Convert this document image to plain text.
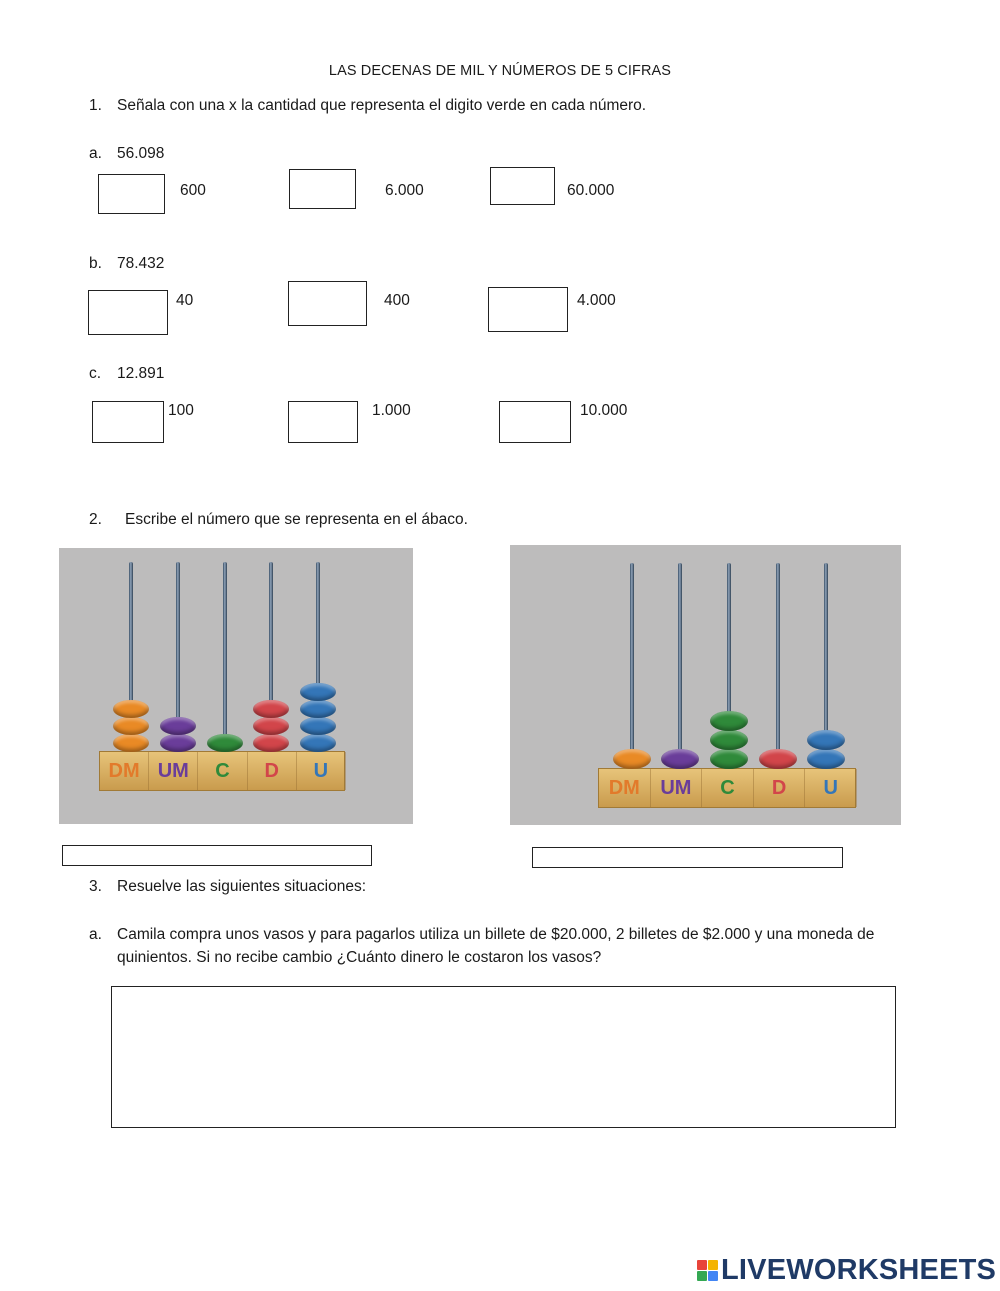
LAS DECENAS DE MIL Y NÚMEROS DE 5 CIFRAS
1. Señala con una x la cantidad que representa el digito verde en cada número.
a. 56.098
600	6.000	60.000
b. 78.432
40	400	4.000
c. 12.891
100	1.000	10.000
2. Escribe el número que se representa en el ábaco.
DM UM	C	D	U
DM	UM	C	D	U
3. Resuelve las siguientes situaciones:
a. Camila compra unos vasos y para pagarlos utiliza un billete de $20.000, 2 billetes de $2.000 y una moneda de
quinientos. Si no recibe cambio ¿Cuánto dinero le costaron los vasos?
LIVEWORKSHEETS
